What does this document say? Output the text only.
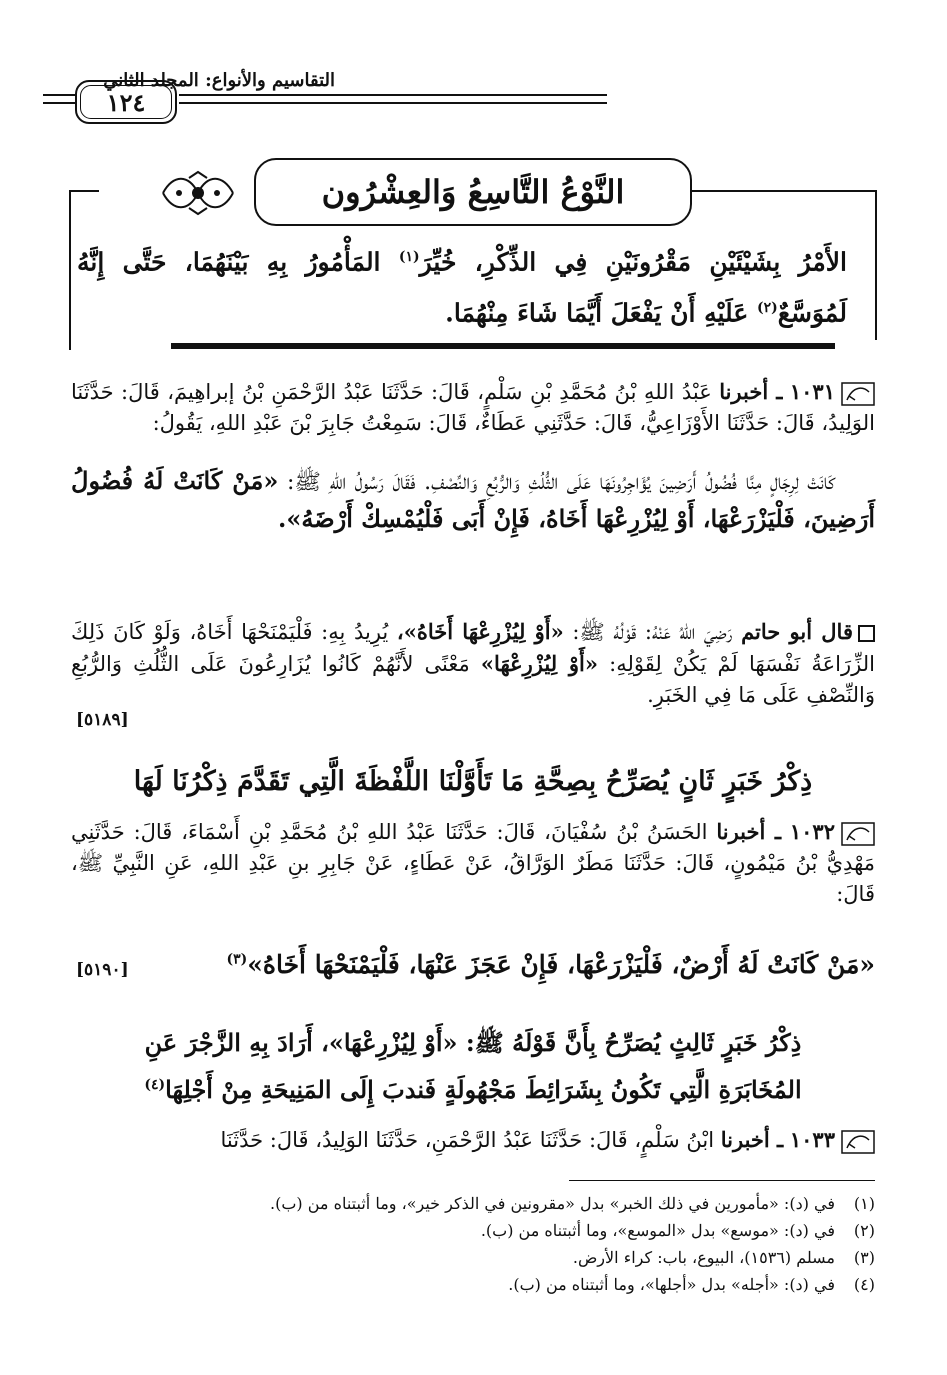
التقاسيم والأنواع: المجلد الثاني
١٢٤
النَّوْعُ التَّاسِعُ وَالعِشْرُون
الأَمْرُ بِشَيْئَيْنِ مَقْرُونَيْنِ فِي الذِّكْرِ، خُيِّرَ$^{(١)}$ المَأْمُورُ بِهِ بَيْنَهُمَا، حَتَّى إِنَّهُ لَمُوَسَّعٌ$^{(٢)}$ عَلَيْهِ أَنْ يَفْعَلَ أَيَّمَا شَاءَ مِنْهُمَا.
١٠٣١ ـ أخبرنا عَبْدُ اللهِ بْنُ مُحَمَّدِ بْنِ سَلْمٍ، قَالَ: حَدَّثَنَا عَبْدُ الرَّحْمَنِ بْنُ إبراهِيمَ، قَالَ: حَدَّثَنَا الوَلِيدُ، قَالَ: حَدَّثَنَا الأَوْزَاعِيُّ، قَالَ: حَدَّثَنِي عَطَاءٌ، قَالَ: سَمِعْتُ جَابِرَ بْنَ عَبْدِ اللهِ، يَقُولُ:
كَانَتْ لِرِجَالٍ مِنَّا فُضُولُ أَرَضِينَ يُؤَاجِرُونَهَا عَلَى الثُّلُثِ وَالرُّبُعِ وَالنِّصْفِ. فَقَالَ رَسُولُ اللهِ ﷺ: «مَنْ كَانَتْ لَهُ فُضُولُ أَرَضِينَ، فَلْيَزْرَعْهَا، أَوْ لِيُزْرِعْهَا أَخَاهُ، فَإِنْ أَبَى فَلْيُمْسِكْ أَرْضَهُ».
قال أبو حاتم رَضِيَ اللهُ عَنْهُ: قَوْلُهُ ﷺ: «أَوْ لِيُزْرِعْهَا أَخَاهُ»، يُرِيدُ بِهِ: فَلْيَمْنَحْهَا أَخَاهُ، وَلَوْ كَانَ ذَلِكَ الزِّرَاعَةُ نَفْسَهَا لَمْ يَكُنْ لِقَوْلِهِ: «أَوْ لِيُزْرِعْهَا» مَعْنًى لأَنَّهُمْ كَانُوا يُزَارِعُونَ عَلَى الثُّلُثِ وَالرُّبُعِ وَالنِّصْفِ عَلَى مَا فِي الخَبَرِ.
[٥١٨٩]
ذِكْرُ خَبَرٍ ثَانٍ يُصَرِّحُ بِصِحَّةِ مَا تَأَوَّلْنَا اللَّفْظَةَ الَّتِي تَقَدَّمَ ذِكْرُنَا لَهَا
١٠٣٢ ـ أخبرنا الحَسَنُ بْنُ سُفْيَانَ، قَالَ: حَدَّثَنَا عَبْدُ اللهِ بْنُ مُحَمَّدِ بْنِ أَسْمَاءَ، قَالَ: حَدَّثَنِي مَهْدِيُّ بْنُ مَيْمُونٍ، قَالَ: حَدَّثَنَا مَطَرٌ الوَرَّاقُ، عَنْ عَطَاءٍ، عَنْ جَابِرِ بنِ عَبْدِ اللهِ، عَنِ النَّبِيِّ ﷺ، قَالَ:
«مَنْ كَانَتْ لَهُ أَرْضٌ، فَلْيَزْرَعْهَا، فَإِنْ عَجَزَ عَنْهَا، فَلْيَمْنَحْهَا أَخَاهُ»$^{(٣)}$
[٥١٩٠]
ذِكْرُ خَبَرٍ ثَالِثٍ يُصَرِّحُ بِأَنَّ قَوْلَهُ ﷺ: «أَوْ لِيُزْرِعْهَا»، أَرَادَ بِهِ الزَّجْرَ عَنِ
المُخَابَرَةِ الَّتِي تَكُونُ بِشَرَائِطَ مَجْهُولَةٍ فَندبَ إِلَى المَنِيحَةِ مِنْ أَجْلِهَا$^{(٤)}$
١٠٣٣ ـ أخبرنا ابْنُ سَلْمٍ، قَالَ: حَدَّثَنَا عَبْدُ الرَّحْمَنِ، حَدَّثَنَا الوَلِيدُ، قَالَ: حَدَّثَنَا
(١)في (د): «مأمورين في ذلك الخبر» بدل «مقرونين في الذكر خير»، وما أثبتناه من (ب).
(٢)في (د): «موسع» بدل «الموسع»، وما أثبتناه من (ب).
(٣)مسلم (١٥٣٦)، البيوع، باب: كراء الأرض.
(٤)في (د): «أجله» بدل «أجلها»، وما أثبتناه من (ب).
